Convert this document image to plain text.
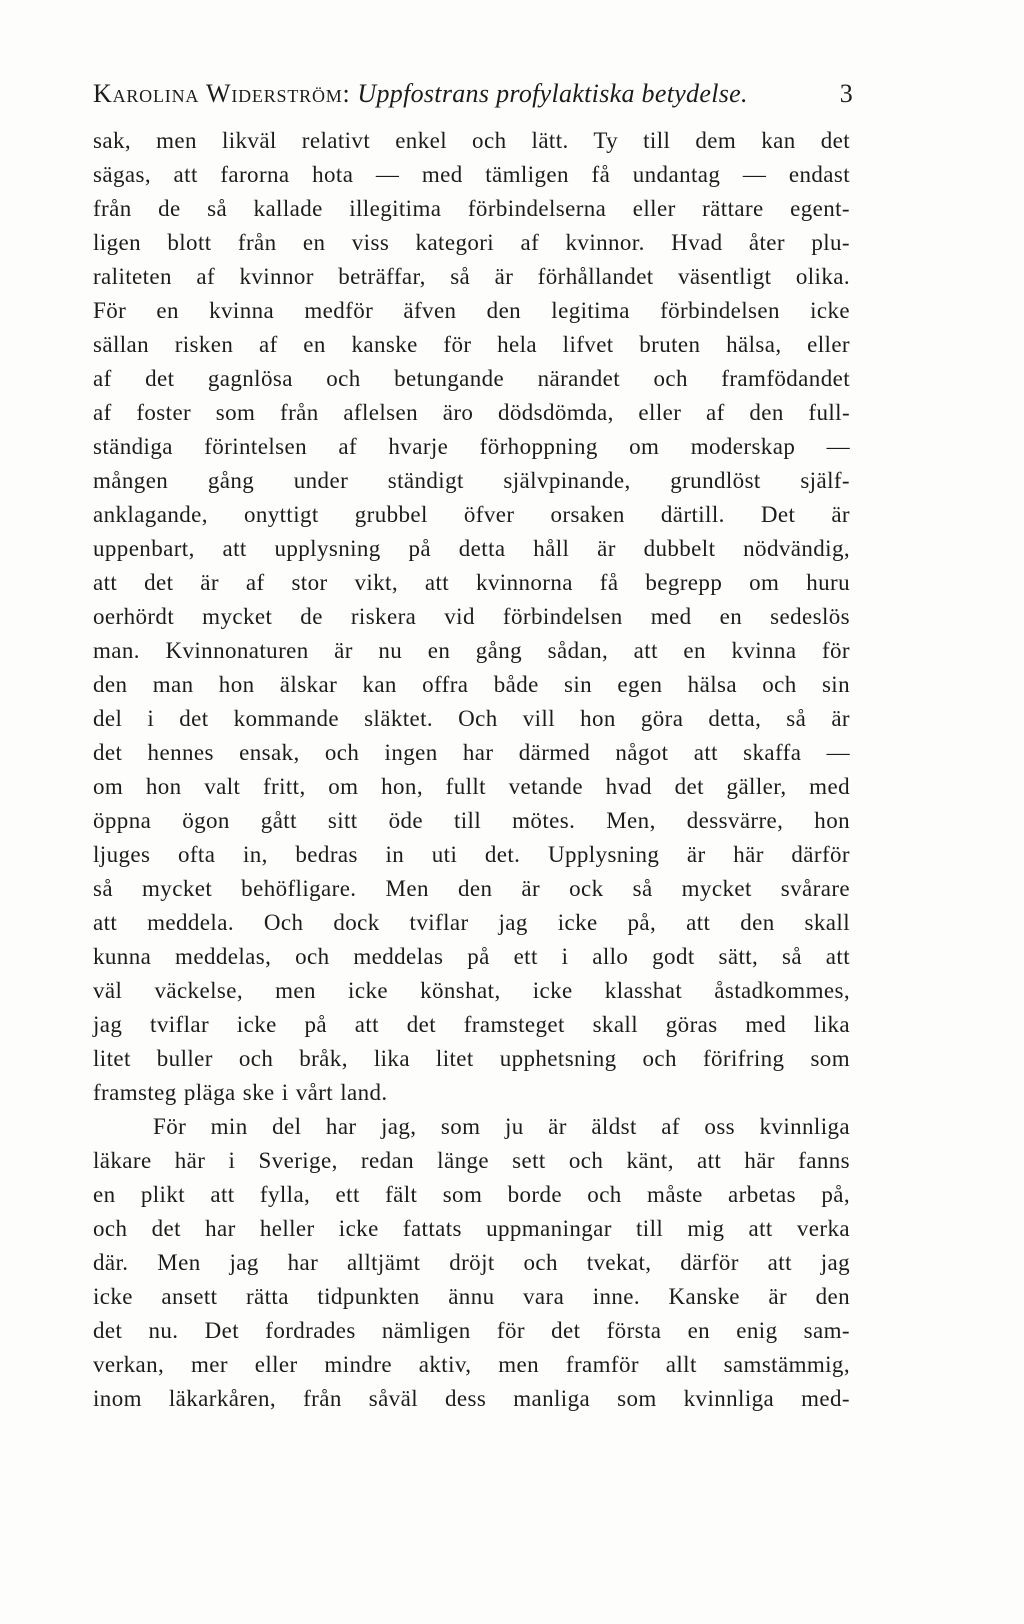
Karolina Widerström: Uppfostrans profylaktiska betydelse.	3
sak, men likväl relativt enkel och lätt. Ty till dem kan det
sägas, att farorna hota — med tämligen få undantag — endast
från de så kallade illegitima förbindelserna eller rättare egent-
ligen blott från en viss kategori af kvinnor. Hvad åter plu-
raliteten af kvinnor beträffar, så är förhållandet väsentligt olika.
För en kvinna medför äfven den legitima förbindelsen icke
sällan risken af en kanske för hela lifvet bruten hälsa, eller
af det gagnlösa och betungande närandet och framfödandet
af foster som från aflelsen äro dödsdömda, eller af den full-
ständiga förintelsen af hvarje förhoppning om moderskap —
mången gång under ständigt självpinande, grundlöst själf-
anklagande, onyttigt grubbel öfver orsaken därtill. Det är
uppenbart, att upplysning på detta håll är dubbelt nödvändig,
att det är af stor vikt, att kvinnorna få begrepp om huru
oerhördt mycket de riskera vid förbindelsen med en sedeslös
man. Kvinnonaturen är nu en gång sådan, att en kvinna för
den man hon älskar kan offra både sin egen hälsa och sin
del i det kommande släktet. Och vill hon göra detta, så är
det hennes ensak, och ingen har därmed något att skaffa —
om hon valt fritt, om hon, fullt vetande hvad det gäller, med
öppna ögon gått sitt öde till mötes. Men, dessvärre, hon
ljuges ofta in, bedras in uti det. Upplysning är här därför
så mycket behöfligare. Men den är ock så mycket svårare
att meddela. Och dock tviflar jag icke på, att den skall
kunna meddelas, och meddelas på ett i allo godt sätt, så att
väl väckelse, men icke könshat, icke klasshat åstadkommes,
jag tviflar icke på att det framsteget skall göras med lika
litet buller och bråk, lika litet upphetsning och förifring som
framsteg pläga ske i vårt land.
För min del har jag, som ju är äldst af oss kvinnliga
läkare här i Sverige, redan länge sett och känt, att här fanns
en plikt att fylla, ett fält som borde och måste arbetas på,
och det har heller icke fattats uppmaningar till mig att verka
där. Men jag har alltjämt dröjt och tvekat, därför att jag
icke ansett rätta tidpunkten ännu vara inne. Kanske är den
det nu. Det fordrades nämligen för det första en enig sam-
verkan, mer eller mindre aktiv, men framför allt samstämmig,
inom läkarkåren, från såväl dess manliga som kvinnliga med-
